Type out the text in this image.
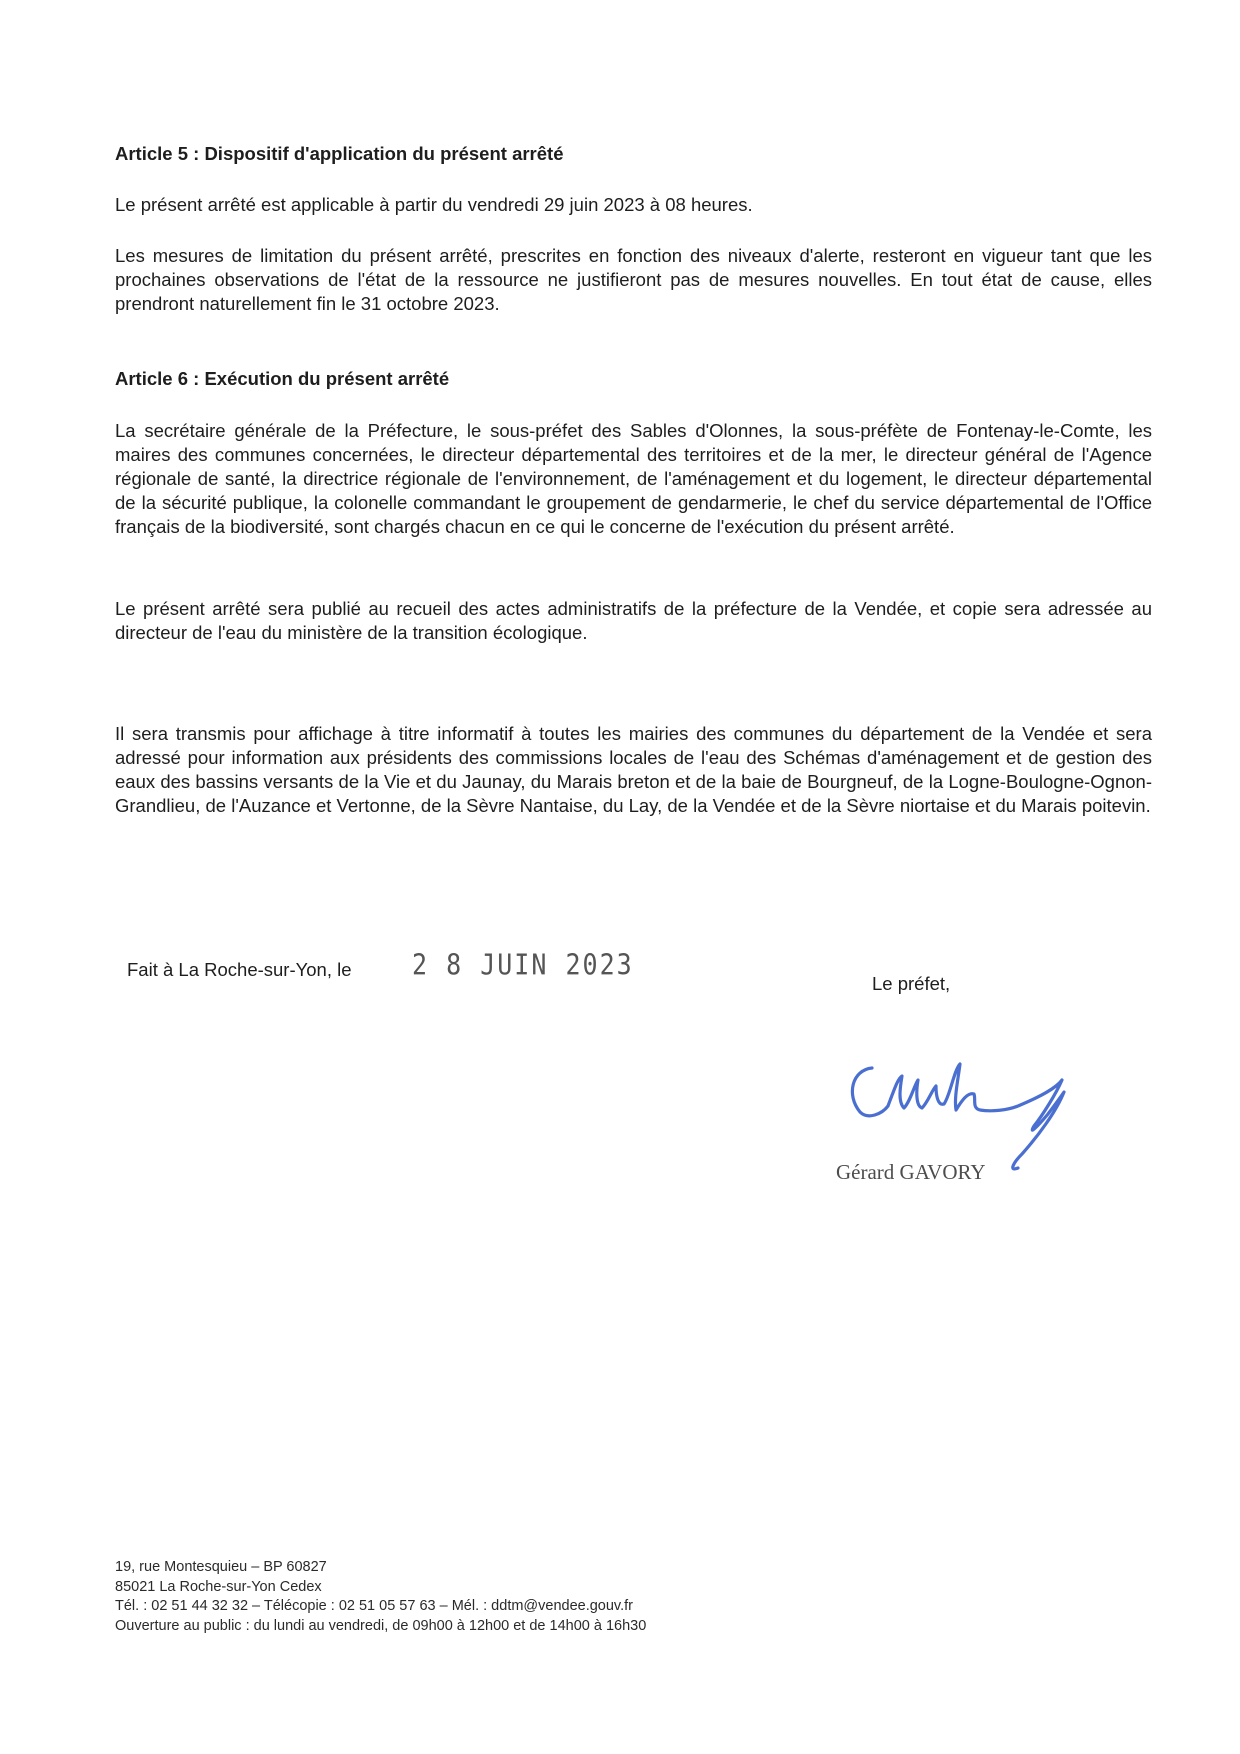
Article 5 : Dispositif d'application du présent arrêté

Le présent arrêté est applicable à partir du vendredi 29 juin 2023 à 08 heures.

Les mesures de limitation du présent arrêté, prescrites en fonction des niveaux d'alerte, resteront en vigueur tant que les prochaines observations de l'état de la ressource ne justifieront pas de mesures nouvelles. En tout état de cause, elles prendront naturellement fin le 31 octobre 2023.

Article 6 : Exécution du présent arrêté

La secrétaire générale de la Préfecture, le sous-préfet des Sables d'Olonnes, la sous-préfète de Fontenay-le-Comte, les maires des communes concernées, le directeur départemental des territoires et de la mer, le directeur général de l'Agence régionale de santé, la directrice régionale de l'environnement, de l'aménagement et du logement, le directeur départemental de la sécurité publique, la colonelle commandant le groupement de gendarmerie, le chef du service départemental de l'Office français de la biodiversité, sont chargés chacun en ce qui le concerne de l'exécution du présent arrêté.

Le présent arrêté sera publié au recueil des actes administratifs de la préfecture de la Vendée, et copie sera adressée au directeur de l'eau du ministère de la transition écologique.

Il sera transmis pour affichage à titre informatif à toutes les mairies des communes du département de la Vendée et sera adressé pour information aux présidents des commissions locales de l'eau des Schémas d'aménagement et de gestion des eaux des bassins versants de la Vie et du Jaunay, du Marais breton et de la baie de Bourgneuf, de la Logne-Boulogne-Ognon-Grandlieu, de l'Auzance et Vertonne, de la Sèvre Nantaise, du Lay, de la Vendée et de la Sèvre niortaise et du Marais poitevin.

Fait à La Roche-sur-Yon, le 2 8 JUIN 2023
Le préfet,
Gérard GAVORY
19, rue Montesquieu – BP 60827
85021 La Roche-sur-Yon Cedex
Tél. : 02 51 44 32 32 – Télécopie : 02 51 05 57 63 – Mél. : ddtm@vendee.gouv.fr
Ouverture au public : du lundi au vendredi, de 09h00 à 12h00 et de 14h00 à 16h30
